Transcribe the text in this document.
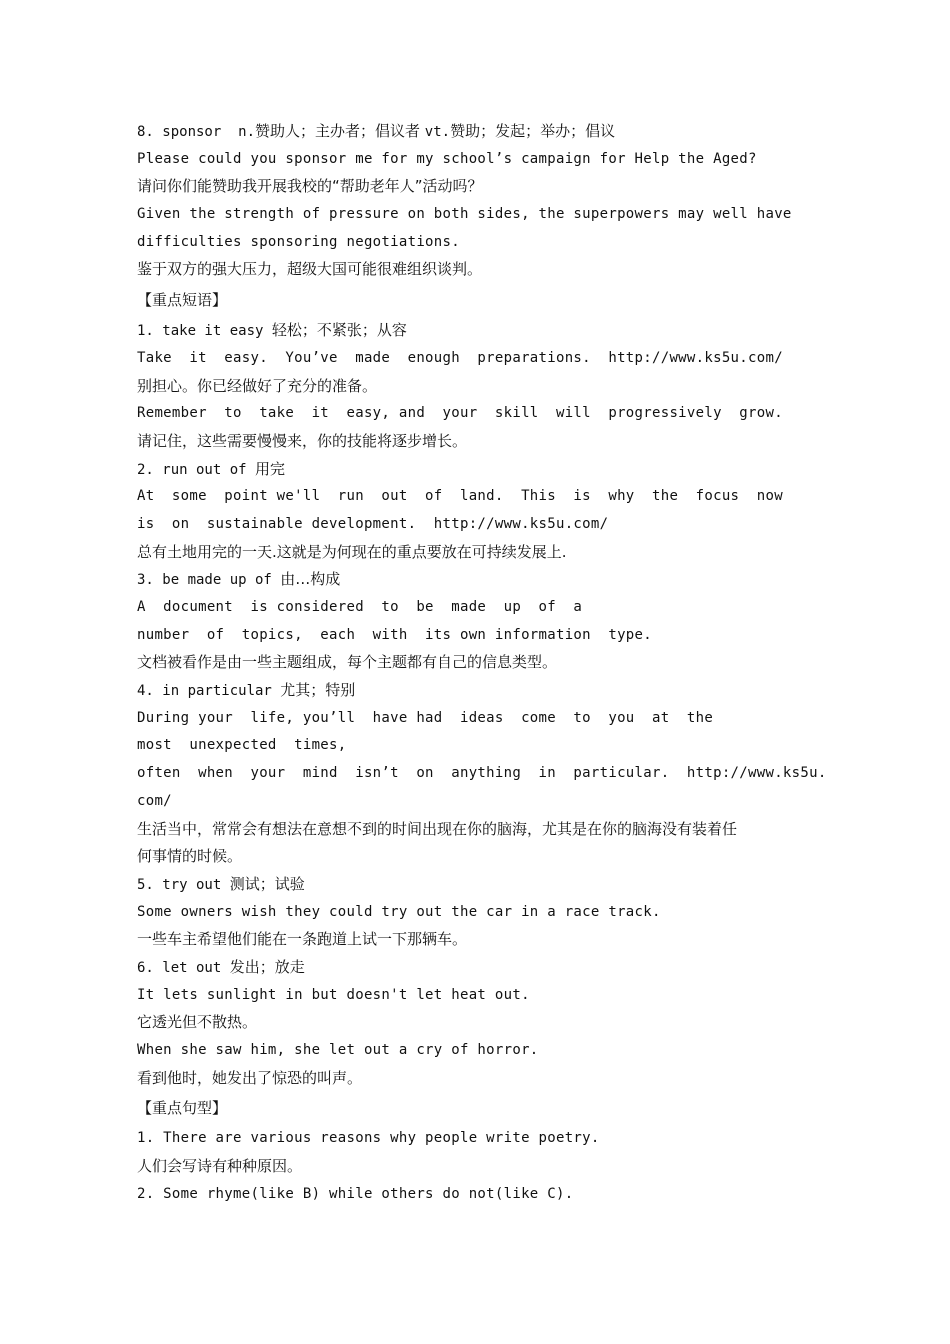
8. sponsor  n.赞助人；主办者；倡议者 vt.赞助；发起；举办；倡议
Please could you sponsor me for my school’s campaign for Help the Aged?
请问你们能赞助我开展我校的“帮助老年人”活动吗？
Given the strength of pressure on both sides, the superpowers may well have
difficulties sponsoring negotiations.
鉴于双方的强大压力，超级大国可能很难组织谈判。
【重点短语】
1. take it easy 轻松；不紧张；从容
Take  it  easy.  You’ve  made  enough  preparations.  http://www.ks5u.com/
别担心。你已经做好了充分的准备。
Remember  to  take  it  easy, and  your  skill  will  progressively  grow.
请记住，这些需要慢慢来，你的技能将逐步增长。
2. run out of 用完
At  some  point we'll  run  out  of  land.  This  is  why  the  focus  now
is  on  sustainable development.  http://www.ks5u.com/
总有土地用完的一天.这就是为何现在的重点要放在可持续发展上.
3. be made up of 由…构成
A  document  is considered  to  be  made  up  of  a
number  of  topics,  each  with  its own information  type.
文档被看作是由一些主题组成，每个主题都有自己的信息类型。
4. in particular 尤其；特别
During your  life, you’ll  have had  ideas  come  to  you  at  the
most  unexpected  times,
often  when  your  mind  isn’t  on  anything  in  particular.  http://www.ks5u.
com/
生活当中，常常会有想法在意想不到的时间出现在你的脑海，尤其是在你的脑海没有装着任
何事情的时候。
5. try out 测试；试验
Some owners wish they could try out the car in a race track.
一些车主希望他们能在一条跑道上试一下那辆车。
6. let out 发出；放走
It lets sunlight in but doesn't let heat out.
它透光但不散热。
When she saw him, she let out a cry of horror.
看到他时，她发出了惊恐的叫声。
【重点句型】
1. There are various reasons why people write poetry.
人们会写诗有种种原因。
2. Some rhyme(like B) while others do not(like C).
